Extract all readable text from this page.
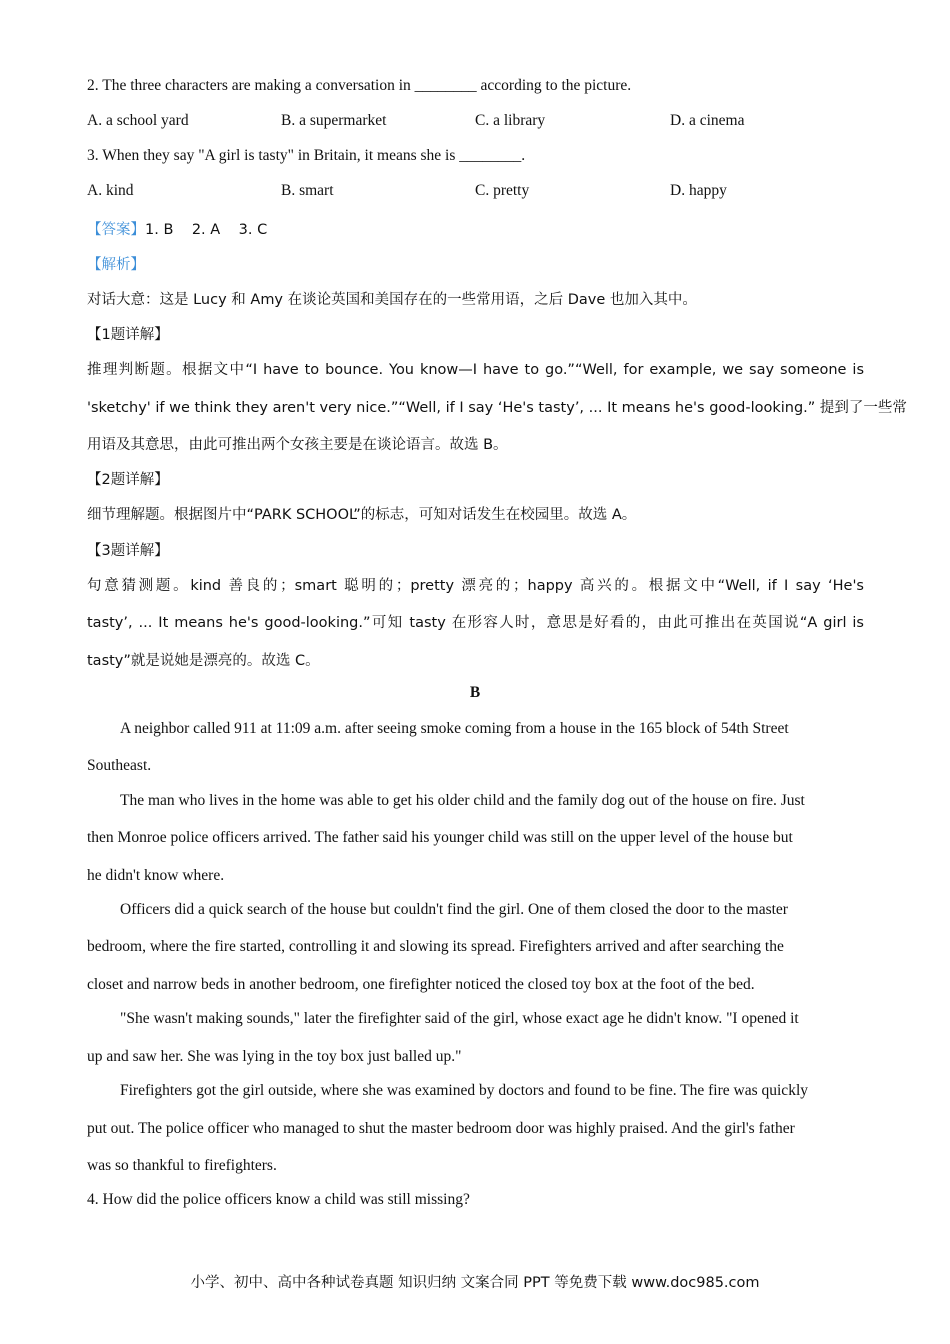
2. The three characters are making a conversation in ________ according to the picture.
A. a school yard	B. a supermarket	C. a library	D. a cinema
3. When they say "A girl is tasty" in Britain, it means she is ________.
A. kind	B. smart	C. pretty	D. happy
【答案】1. B    2. A    3. C
【解析】
对话大意：这是 Lucy 和 Amy 在谈论英国和美国存在的一些常用语，之后 Dave 也加入其中。
【1题详解】
推理判断题。根据文中“I have to bounce. You know—I have to go.”“Well, for example, we say someone is
'sketchy' if we think they aren't very nice.”“Well, if I say ‘He's tasty’, ... It means he's good-looking.” 提到了一些常
用语及其意思，由此可推出两个女孩主要是在谈论语言。故选 B。
【2题详解】
细节理解题。根据图片中“PARK SCHOOL”的标志，可知对话发生在校园里。故选 A。
【3题详解】
句意猜测题。kind 善良的；smart 聪明的；pretty 漂亮的；happy 高兴的。根据文中“Well, if I say ‘He's
tasty’, ... It means he's good-looking.”可知 tasty 在形容人时，意思是好看的，由此可推出在英国说“A girl is
tasty”就是说她是漂亮的。故选 C。
B
A neighbor called 911 at 11:09 a.m. after seeing smoke coming from a house in the 165 block of 54th Street
Southeast.
The man who lives in the home was able to get his older child and the family dog out of the house on fire. Just
then Monroe police officers arrived. The father said his younger child was still on the upper level of the house but
he didn't know where.
Officers did a quick search of the house but couldn't find the girl. One of them closed the door to the master
bedroom, where the fire started, controlling it and slowing its spread. Firefighters arrived and after searching the
closet and narrow beds in another bedroom, one firefighter noticed the closed toy box at the foot of the bed.
"She wasn't making sounds," later the firefighter said of the girl, whose exact age he didn't know. "I opened it
up and saw her. She was lying in the toy box just balled up."
Firefighters got the girl outside, where she was examined by doctors and found to be fine. The fire was quickly
put out. The police officer who managed to shut the master bedroom door was highly praised. And the girl's father
was so thankful to firefighters.
4. How did the police officers know a child was still missing?
小学、初中、高中各种试卷真题 知识归纳 文案合同 PPT 等免费下载 www.doc985.com
